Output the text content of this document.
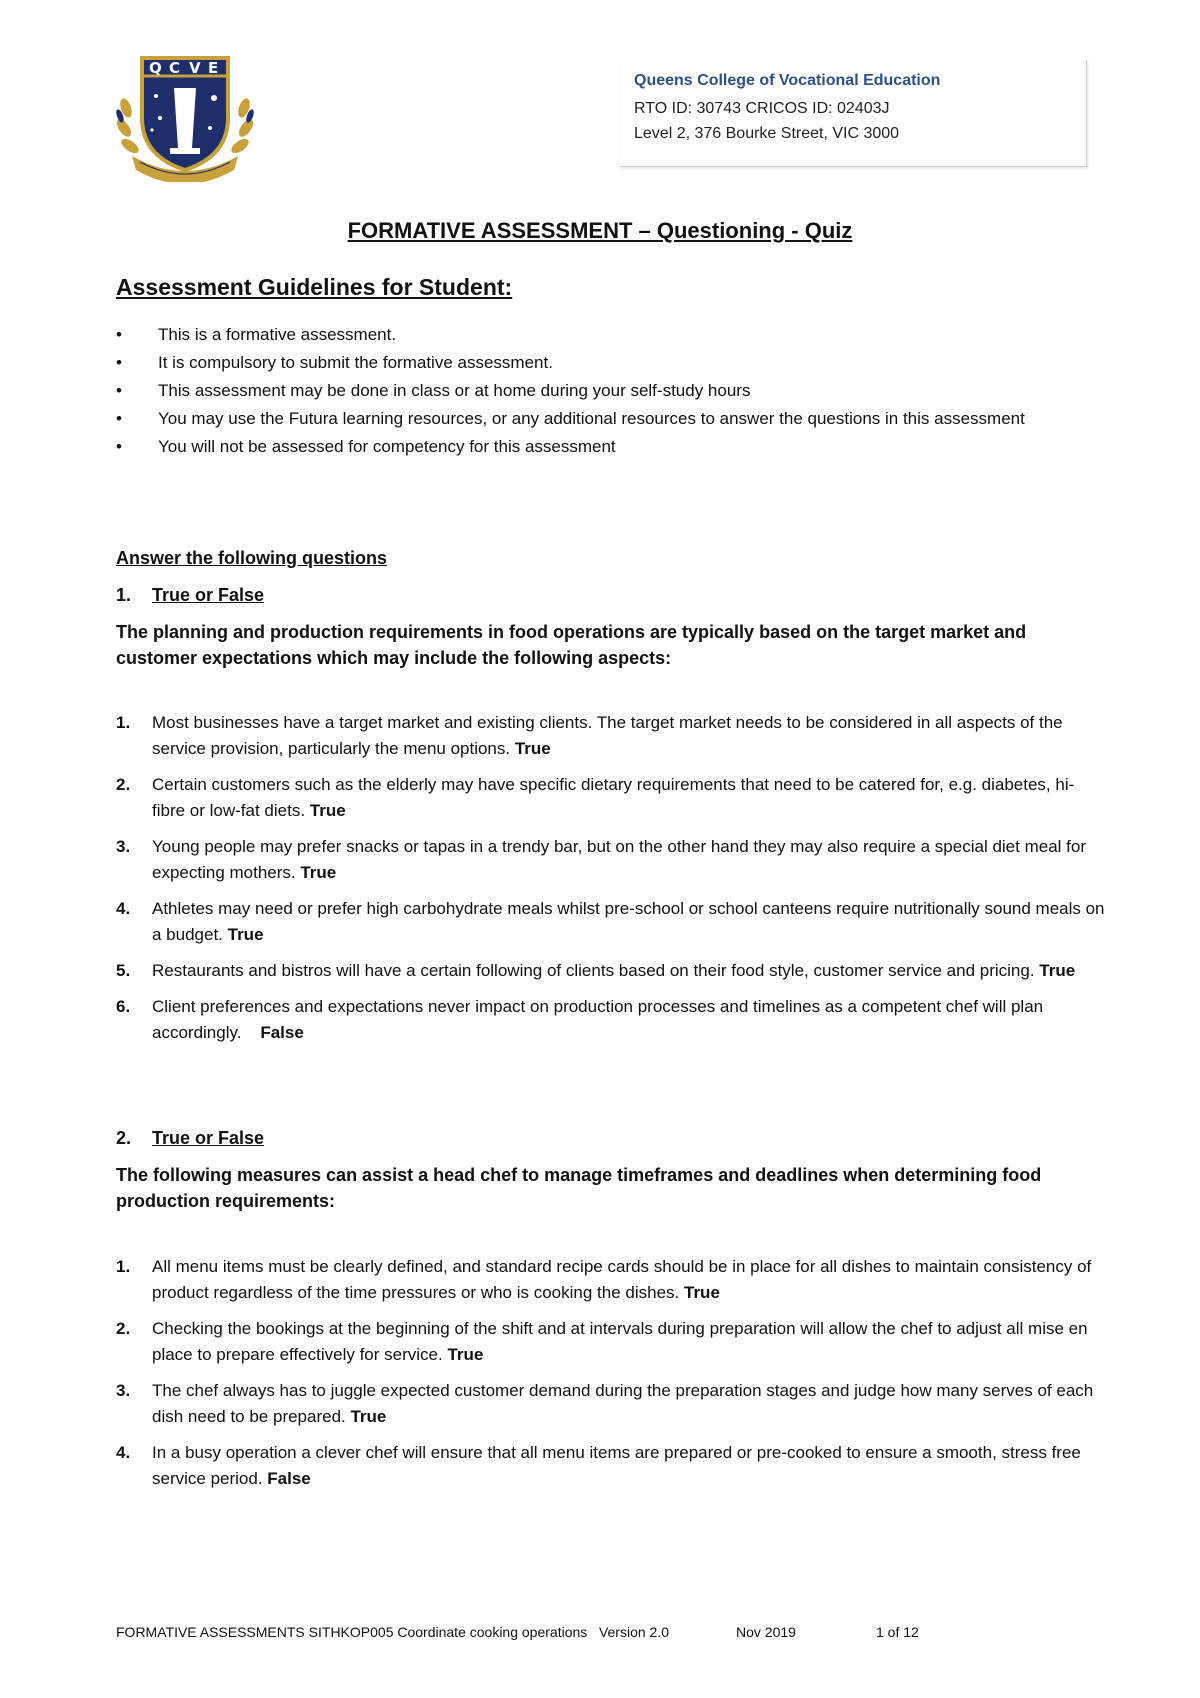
Q C V E
Queens College of Vocational Education
RTO ID: 30743 CRICOS ID: 02403J
Level 2, 376 Bourke Street, VIC 3000
FORMATIVE ASSESSMENT – Questioning - Quiz
Assessment Guidelines for Student:
• This is a formative assessment.
• It is compulsory to submit the formative assessment.
• This assessment may be done in class or at home during your self-study hours
• You may use the Futura learning resources, or any additional resources to answer the questions in this assessment
• You will not be assessed for competency for this assessment
Answer the following questions
1. True or False
The planning and production requirements in food operations are typically based on the target market and customer expectations which may include the following aspects:
1. Most businesses have a target market and existing clients. The target market needs to be considered in all aspects of the service provision, particularly the menu options. True
2. Certain customers such as the elderly may have specific dietary requirements that need to be catered for, e.g. diabetes, hi-fibre or low-fat diets. True
3. Young people may prefer snacks or tapas in a trendy bar, but on the other hand they may also require a special diet meal for expecting mothers. True
4. Athletes may need or prefer high carbohydrate meals whilst pre-school or school canteens require nutritionally sound meals on a budget. True
5. Restaurants and bistros will have a certain following of clients based on their food style, customer service and pricing. True
6. Client preferences and expectations never impact on production processes and timelines as a competent chef will plan accordingly.    False
2. True or False
The following measures can assist a head chef to manage timeframes and deadlines when determining food production requirements:
1. All menu items must be clearly defined, and standard recipe cards should be in place for all dishes to maintain consistency of product regardless of the time pressures or who is cooking the dishes. True
2. Checking the bookings at the beginning of the shift and at intervals during preparation will allow the chef to adjust all mise en place to prepare effectively for service. True
3. The chef always has to juggle expected customer demand during the preparation stages and judge how many serves of each dish need to be prepared. True
4. In a busy operation a clever chef will ensure that all menu items are prepared or pre-cooked to ensure a smooth, stress free service period. False
FORMATIVE ASSESSMENTS SITHKOP005 Coordinate cooking operations   Version 2.0	Nov 2019	1 of 12
